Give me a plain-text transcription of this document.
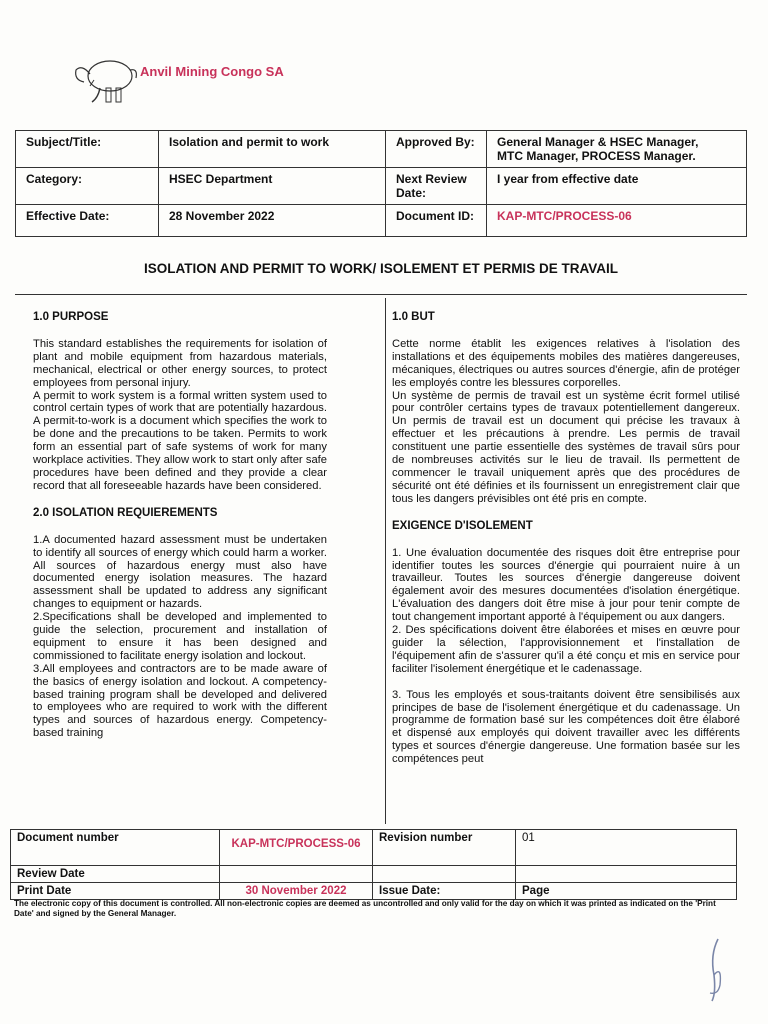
Anvil Mining Congo SA
Subject/Title:	Isolation and permit to work	Approved By:	General Manager & HSEC Manager,
MTC Manager, PROCESS Manager.

Category:	HSEC Department	Next Review
Date:	I year from effective date
Effective Date:	28 November 2022	Document ID:	KAP-MTC/PROCESS-06
ISOLATION AND PERMIT TO WORK/ ISOLEMENT ET PERMIS DE TRAVAIL
1.0 PURPOSE

This standard establishes the requirements for isolation of plant and mobile equipment from hazardous materials, mechanical, electrical or other energy sources, to protect employees from personal injury.

A permit to work system is a formal written system used to control certain types of work that are potentially hazardous. A permit-to-work is a document which specifies the work to be done and the precautions to be taken. Permits to work form an essential part of safe systems of work for many workplace activities. They allow work to start only after safe procedures have been defined and they provide a clear record that all foreseeable hazards have been considered.

2.0 ISOLATION REQUIEREMENTS

1.A documented hazard assessment must be undertaken to identify all sources of energy which could harm a worker. All sources of hazardous energy must also have documented energy isolation measures. The hazard assessment shall be updated to address any significant changes to equipment or hazards.

2.Specifications shall be developed and implemented to guide the selection, procurement and installation of equipment to ensure it has been designed and commissioned to facilitate energy isolation and lockout.

3.All employees and contractors are to be made aware of the basics of energy isolation and lockout. A competency-based training program shall be developed and delivered to employees who are required to work with the different types and sources of hazardous energy. Competency-based training

1.0 BUT

Cette norme établit les exigences relatives à l'isolation des installations et des équipements mobiles des matières dangereuses, mécaniques, électriques ou autres sources d'énergie, afin de protéger les employés contre les blessures corporelles.

Un système de permis de travail est un système écrit formel utilisé pour contrôler certains types de travaux potentiellement dangereux. Un permis de travail est un document qui précise les travaux à effectuer et les précautions à prendre. Les permis de travail constituent une partie essentielle des systèmes de travail sûrs pour de nombreuses activités sur le lieu de travail. Ils permettent de commencer le travail uniquement après que des procédures de sécurité ont été définies et ils fournissent un enregistrement clair que tous les dangers prévisibles ont été pris en compte.

EXIGENCE D'ISOLEMENT

1. Une évaluation documentée des risques doit être entreprise pour identifier toutes les sources d'énergie qui pourraient nuire à un travailleur. Toutes les sources d'énergie dangereuse doivent également avoir des mesures documentées d'isolation énergétique. L'évaluation des dangers doit être mise à jour pour tenir compte de tout changement important apporté à l'équipement ou aux dangers.

2. Des spécifications doivent être élaborées et mises en œuvre pour guider la sélection, l'approvisionnement et l'installation de l'équipement afin de s'assurer qu'il a été conçu et mis en service pour faciliter l'isolement énergétique et le cadenassage.

3. Tous les employés et sous-traitants doivent être sensibilisés aux principes de base de l'isolement énergétique et du cadenassage. Un programme de formation basé sur les compétences doit être élaboré et dispensé aux employés qui doivent travailler avec les différents types et sources d'énergie dangereuse. Une formation basée sur les compétences peut

Document number	KAP-MTC/PROCESS-06	Revision number	01
Review Date			
Print Date	30 November 2022	Issue Date:	Page
The electronic copy of this document is controlled. All non-electronic copies are deemed as uncontrolled and only valid for the day on which it was printed as indicated on the 'Print Date' and signed by the General Manager.
